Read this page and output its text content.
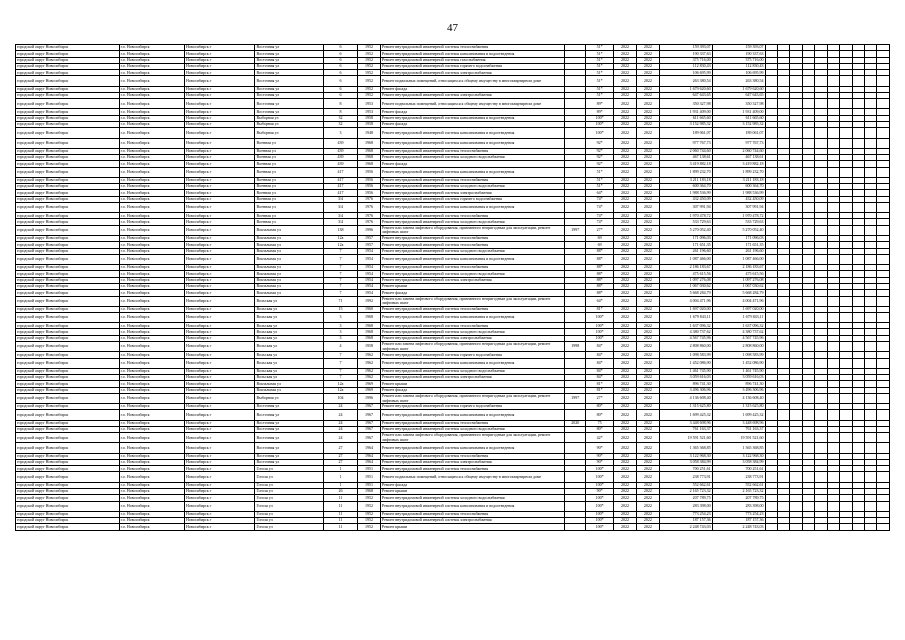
47
городской округ Новосибирск	г.о. Новосибирск	Новосибирск г	Восточная ул	6	1952	Ремонт внутридомовой инженерной системы теплоснабжения		51*	2022	2022	159 393,07	159 393,07										
городской округ Новосибирск	г.о. Новосибирск	Новосибирск г	Восточная ул	6	1952	Ремонт внутридомовой инженерной системы канализования и водоотведения		51*	2022	2022	190 337,63	190 337,63										
городской округ Новосибирск	г.о. Новосибирск	Новосибирск г	Восточная ул	6	1952	Ремонт внутридомовой инженерной системы газоснабжения		51*	2022	2022	375 716,00	375 716,00										
городской округ Новосибирск	г.о. Новосибирск	Новосибирск г	Восточная ул	6	1952	Ремонт внутридомовой инженерной системы горячего водоснабжения		51*	2022	2022	112 830,43	112 830,43										
городской округ Новосибирск	г.о. Новосибирск	Новосибирск г	Восточная ул	6	1952	Ремонт внутридомовой инженерной системы электроснабжения		51*	2022	2022	106 695,99	106 695,99										
городской округ Новосибирск	г.о. Новосибирск	Новосибирск г	Восточная ул	6	1952	Ремонт подвальных помещений, относящихся к общему имуществу в многоквартирном доме		51*	2022	2022	263 380,54	263 380,54										
городской округ Новосибирск	г.о. Новосибирск	Новосибирск г	Восточная ул	6	1952	Ремонт фасада		51*	2022	2022	1 679 620,60	1 679 620,60										
городской округ Новосибирск	г.о. Новосибирск	Новосибирск г	Восточная ул	6	1952	Ремонт внутридомовой инженерной системы электроснабжения		51*	2022	2022	647 643,65	647 643,65										
городской округ Новосибирск	г.о. Новосибирск	Новосибирск г	Восточная ул	8	1953	Ремонт подвальных помещений, относящихся к общему имуществу в многоквартирном доме		89*	2022	2022	350 327,98	350 327,98										
городской округ Новосибирск	г.о. Новосибирск	Новосибирск г	Восточная ул	8	1953	Ремонт фасада		89*	2022	2022	1 931 409,00	1 931 409,00										
городской округ Новосибирск	г.о. Новосибирск	Новосибирск г	Выборная ул	32	1958	Ремонт внутридомовой инженерной системы канализования и водоотведения		100*	2022	2022	611 665,60	611 665,60										
городской округ Новосибирск	г.о. Новосибирск	Новосибирск г	Выборная ул	32	1958	Ремонт фасада		100*	2022	2022	3 152 985,32	3 152 985,32										
городской округ Новосибирск	г.о. Новосибирск	Новосибирск г	Выборная ул	3	1948	Ремонт внутридомовой инженерной системы канализования и водоотведения		100*	2022	2022	189 061,07	189 061,07										
городской округ Новосибирск	г.о. Новосибирск	Новосибирск г	Военная ул	439	1968	Ремонт внутридомовой инженерной системы канализования и водоотведения		92*	2022	2022	977 767,73	977 767,73										
городской округ Новосибирск	г.о. Новосибирск	Новосибирск г	Военная ул	439	1968	Ремонт внутридомовой инженерной системы теплоснабжения		92*	2022	2022	2 060 744,60	2 060 744,60										
городской округ Новосибирск	г.о. Новосибирск	Новосибирск г	Военная ул	439	1968	Ремонт внутридомовой инженерной системы холодного водоснабжения		92*	2022	2022	467 138,61	467 138,61										
городской округ Новосибирск	г.о. Новосибирск	Новосибирск г	Военная ул	439	1968	Ремонт фасада		92*	2022	2022	3 419 882,18	3 419 882,18										
городской округ Новосибирск	г.о. Новосибирск	Новосибирск г	Военная ул	417	1956	Ремонт внутридомовой инженерной системы канализования и водоотведения		51*	2022	2022	1 899 232,70	1 899 232,70										
городской округ Новосибирск	г.о. Новосибирск	Новосибирск г	Военная ул	417	1956	Ремонт внутридомовой инженерной системы теплоснабжения		51*	2022	2022	3 211 183,18	3 211 183,18										
городской округ Новосибирск	г.о. Новосибирск	Новосибирск г	Военная ул	417	1956	Ремонт внутридомовой инженерной системы холодного водоснабжения		51*	2022	2022	600 364,70	600 364,70										
городской округ Новосибирск	г.о. Новосибирск	Новосибирск г	Военная ул	417	1956	Ремонт внутридомовой инженерной системы электроснабжения		64*	2022	2022	1 988 536,99	1 988 536,99										
городской округ Новосибирск	г.о. Новосибирск	Новосибирск г	Военная ул	3/4	1976	Ремонт внутридомовой инженерной системы горячего водоснабжения		74*	2022	2022	432 450,09	432 450,09										
городской округ Новосибирск	г.о. Новосибирск	Новосибирск г	Военная ул	3/4	1976	Ремонт внутридомовой инженерной системы канализования и водоотведения		74*	2022	2022	307 991,94	307 991,94										
городской округ Новосибирск	г.о. Новосибирск	Новосибирск г	Военная ул	3/4	1976	Ремонт внутридомовой инженерной системы теплоснабжения		74*	2022	2022	1 970 478,72	1 970 478,72										
городской округ Новосибирск	г.о. Новосибирск	Новосибирск г	Военная ул	3/4	1976	Ремонт внутридомовой инженерной системы холодного водоснабжения		74*	2022	2022	533 729,63	533 729,63										
городской округ Новосибирск	г.о. Новосибирск	Новосибирск г	Вокзальная ул	138	1996	Ремонт или замена лифтового оборудования, признанного непригодным для эксплуатации, ремонт лифтовых шахт	1997	27*	2022	2022	5 270 052,40	5 270 052,40										
городской округ Новосибирск	г.о. Новосибирск	Новосибирск г	Вокзальная ул	12а	1957	Ремонт внутридомовой инженерной системы теплоснабжения		69	2022	2022	171 096,03	171 096,03										
городской округ Новосибирск	г.о. Новосибирск	Новосибирск г	Вокзальная ул	12а	1957	Ремонт внутридомовой инженерной системы теплоснабжения		69	2022	2022	171 651,35	171 651,35										
городской округ Новосибирск	г.о. Новосибирск	Новосибирск г	Вокзальная ул	7	1954	Ремонт внутридомовой инженерной системы холодного водоснабжения		88*	2022	2022	261 196,60	261 196,60										
городской округ Новосибирск	г.о. Новосибирск	Новосибирск г	Вокзальная ул	7	1954	Ремонт внутридомовой инженерной системы канализования и водоотведения		88*	2022	2022	1 087 466,00	1 087 466,00										
городской округ Новосибирск	г.о. Новосибирск	Новосибирск г	Вокзальная ул	7	1954	Ремонт внутридомовой инженерной системы теплоснабжения		88*	2022	2022	2 186 183,67	2 186 183,67										
городской округ Новосибирск	г.о. Новосибирск	Новосибирск г	Вокзальная ул	7	1954	Ремонт внутридомовой инженерной системы холодного водоснабжения		88*	2022	2022	475 615,56	475 615,56										
городской округ Новосибирск	г.о. Новосибирск	Новосибирск г	Вокзальная ул	7	1954	Ремонт внутридомовой инженерной системы электроснабжения		88*	2022	2022	1 097 276,08	1 097 276,08										
городской округ Новосибирск	г.о. Новосибирск	Новосибирск г	Вокзальная ул	7	1954	Ремонт крыши		88*	2022	2022	1 067 030,62	1 067 030,62										
городской округ Новосибирск	г.о. Новосибирск	Новосибирск г	Вокзальная ул	7	1954	Ремонт фасада		88*	2022	2022	5 668 284,79	5 668 284,79										
городской округ Новосибирск	г.о. Новосибирск	Новосибирск г	Вольская ул	71	1992	Ремонт или замена лифтового оборудования, признанного непригодным для эксплуатации, ремонт лифтовых шахт		64*	2022	2022	4 004 471,96	4 004 471,96										
городской округ Новосибирск	г.о. Новосибирск	Новосибирск г	Вольская ул	15	1960	Ремонт внутридомовой инженерной системы теплоснабжения		81*	2022	2022	1 697 020,00	1 697 020,00										
городской округ Новосибирск	г.о. Новосибирск	Новосибирск г	Вольская ул	3	1968	Ремонт внутридомовой инженерной системы канализования и водоотведения		100*	2022	2022	1 679 843,11	1 679 843,11										
городской округ Новосибирск	г.о. Новосибирск	Новосибирск г	Вольская ул	3	1968	Ремонт внутридомовой инженерной системы теплоснабжения		100*	2022	2022	1 637 096,32	1 637 096,32										
городской округ Новосибирск	г.о. Новосибирск	Новосибирск г	Вольская ул	3	1968	Ремонт внутридомовой инженерной системы холодного водоснабжения		100*	2022	2022	4 380 737,62	4 380 737,62										
городской округ Новосибирск	г.о. Новосибирск	Новосибирск г	Вольская ул	3	1968	Ремонт внутридомовой инженерной системы электроснабжения		100*	2022	2022	4 567 745,96	4 567 745,96										
городской округ Новосибирск	г.о. Новосибирск	Новосибирск г	Вольская ул	4	1958	Ремонт или замена лифтового оборудования, признанного непригодным для эксплуатации, ремонт лифтовых шахт	1998	84*	2022	2022	2 808 860,00	2 808 860,00										
городской округ Новосибирск	г.о. Новосибирск	Новосибирск г	Вольская ул	7	1962	Ремонт внутридомовой инженерной системы горячего водоснабжения		84*	2022	2022	1 098 583,99	1 098 583,99										
городской округ Новосибирск	г.о. Новосибирск	Новосибирск г	Вольская ул	7	1962	Ремонт внутридомовой инженерной системы канализования и водоотведения		84*	2022	2022	1 452 086,90	1 452 086,90										
городской округ Новосибирск	г.о. Новосибирск	Новосибирск г	Вольская ул	7	1962	Ремонт внутридомовой инженерной системы холодного водоснабжения		84*	2022	2022	1 461 745,90	1 461 745,90										
городской округ Новосибирск	г.о. Новосибирск	Новосибирск г	Вольская ул	7	1962	Ремонт внутридомовой инженерной системы электроснабжения		84*	2022	2022	3 059 616,03	3 059 616,03										
городской округ Новосибирск	г.о. Новосибирск	Новосибирск г	Вокзальная ул	12а	1969	Ремонт крыши		81*	2022	2022	896 741,30	896 741,30										
городской округ Новосибирск	г.о. Новосибирск	Новосибирск г	Вокзальная ул	12а	1969	Ремонт фасада		81*	2022	2022	3 496 306,96	3 496 306,96										
городской округ Новосибирск	г.о. Новосибирск	Новосибирск г	Выборная ул	104	1996	Ремонт или замена лифтового оборудования, признанного непригодным для эксплуатации, ремонт лифтовых шахт	1997	27*	2022	2022	4 136 608,40	4 136 608,40										
городской округ Новосибирск	г.о. Новосибирск	Новосибирск г	Восточная ул	24	1967	Ремонт внутридомовой инженерной системы горячего водоснабжения		80*	2022	2022	1 315 625,80	1 315 625,80										
городской округ Новосибирск	г.о. Новосибирск	Новосибирск г	Восточная ул	24	1967	Ремонт внутридомовой инженерной системы канализования и водоотведения		80*	2022	2022	1 699 425,32	1 699 425,32										
городской округ Новосибирск	г.о. Новосибирск	Новосибирск г	Восточная ул	24	1967	Ремонт внутридомовой инженерной системы теплоснабжения	2020	75	2022	2022	3 448 698,96	3 448 698,96										
городской округ Новосибирск	г.о. Новосибирск	Новосибирск г	Восточная ул	24	1967	Ремонт внутридомовой инженерной системы холодного водоснабжения		80*	2022	2022	761 163,37	761 163,37										
городской округ Новосибирск	г.о. Новосибирск	Новосибирск г	Восточная ул	24	1967	Ремонт или замена лифтового оборудования, признанного непригодным для эксплуатации, ремонт лифтовых шахт		42*	2022	2022	19 591 521,60	19 591 521,60										
городской округ Новосибирск	г.о. Новосибирск	Новосибирск г	Восточная ул	27	1964	Ремонт внутридомовой инженерной системы канализования и водоотведения		90*	2022	2022	1 365 368,85	1 365 368,85										
городской округ Новосибирск	г.о. Новосибирск	Новосибирск г	Восточная ул	27	1964	Ремонт внутридомовой инженерной системы теплоснабжения		90*	2022	2022	3 122 968,30	3 122 968,30										
городской округ Новосибирск	г.о. Новосибирск	Новосибирск г	Восточная ул	27	1964	Ремонт внутридомовой инженерной системы электроснабжения		90*	2022	2022	3 058 384,99	3 058 384,99										
городской округ Новосибирск	г.о. Новосибирск	Новосибирск г	Гоголя ул	1	1951	Ремонт внутридомовой инженерной системы теплоснабжения		100*	2022	2022	700 251,61	700 251,61										
городской округ Новосибирск	г.о. Новосибирск	Новосибирск г	Гоголя ул	1	1951	Ремонт подвальных помещений, относящихся к общему имуществу в многоквартирном доме		100*	2022	2022	238 773,91	238 773,91										
городской округ Новосибирск	г.о. Новосибирск	Новосибирск г	Гоголя ул	1	1951	Ремонт фасада		100*	2022	2022	552 662,61	552 662,61										
городской округ Новосибирск	г.о. Новосибирск	Новосибирск г	Гоголя ул	26	1968	Ремонт крыши		90*	2022	2022	2 165 723,32	2 165 723,32										
городской округ Новосибирск	г.о. Новосибирск	Новосибирск г	Гоголя ул	11	1952	Ремонт внутридомовой инженерной системы холодного водоснабжения		100*	2022	2022	207 789,75	207 789,75										
городской округ Новосибирск	г.о. Новосибирск	Новосибирск г	Гоголя ул	11	1952	Ремонт внутридомовой инженерной системы канализования и водоотведения		100*	2022	2022	283 398,00	283 398,00										
городской округ Новосибирск	г.о. Новосибирск	Новосибирск г	Гоголя ул	11	1952	Ремонт внутридомовой инженерной системы теплоснабжения		100*	2022	2022	773 254,23	773 254,23										
городской округ Новосибирск	г.о. Новосибирск	Новосибирск г	Гоголя ул	11	1952	Ремонт внутридомовой инженерной системы электроснабжения		100*	2022	2022	187 157,36	187 157,36										
городской округ Новосибирск	г.о. Новосибирск	Новосибирск г	Гоголя ул	11	1952	Ремонт крыши		100*	2022	2022	2 248 743,03	2 248 743,03										
